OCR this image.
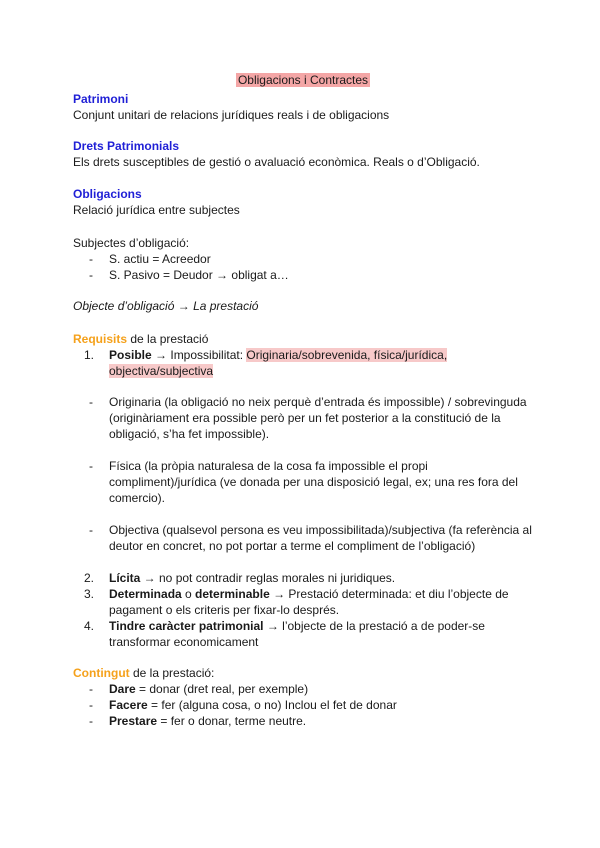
Obligacions i Contractes
Patrimoni
Conjunt unitari de relacions jurídiques reals i de obligacions
Drets Patrimonials
Els drets susceptibles de gestió o avaluació econòmica. Reals o d’Obligació.
Obligacions
Relació jurídica entre subjectes
Subjectes d’obligació:
-	S. actiu = Acreedor
-	S. Pasivo = Deudor → obligat a…
Objecte d’obligació → La prestació
Requisits de la prestació
1.	Posible → Impossibilitat: Originaria/sobrevenida, física/jurídica, objectiva/subjectiva
-	Originaria (la obligació no neix perquè d’entrada és impossible) / sobrevinguda (originàriament era possible però per un fet posterior a la constitució de la obligació, s’ha fet impossible).
-	Física (la pròpia naturalesa de la cosa fa impossible el propi compliment)/jurídica (ve donada per una disposició legal, ex; una res fora del comercio).
-	Objectiva (qualsevol persona es veu impossibilitada)/subjectiva (fa referència al deutor en concret, no pot portar a terme el compliment de l’obligació)
2.	Lícita → no pot contradir reglas morales ni juridiques.
3.	Determinada o determinable → Prestació determinada: et diu l’objecte de pagament o els criteris per fixar-lo després.
4.	Tindre caràcter patrimonial → l’objecte de la prestació a de poder-se transformar economicament
Contingut de la prestació:
-	Dare = donar (dret real, per exemple)
-	Facere = fer (alguna cosa, o no) Inclou el fet de donar
-	Prestare = fer o donar, terme neutre.
